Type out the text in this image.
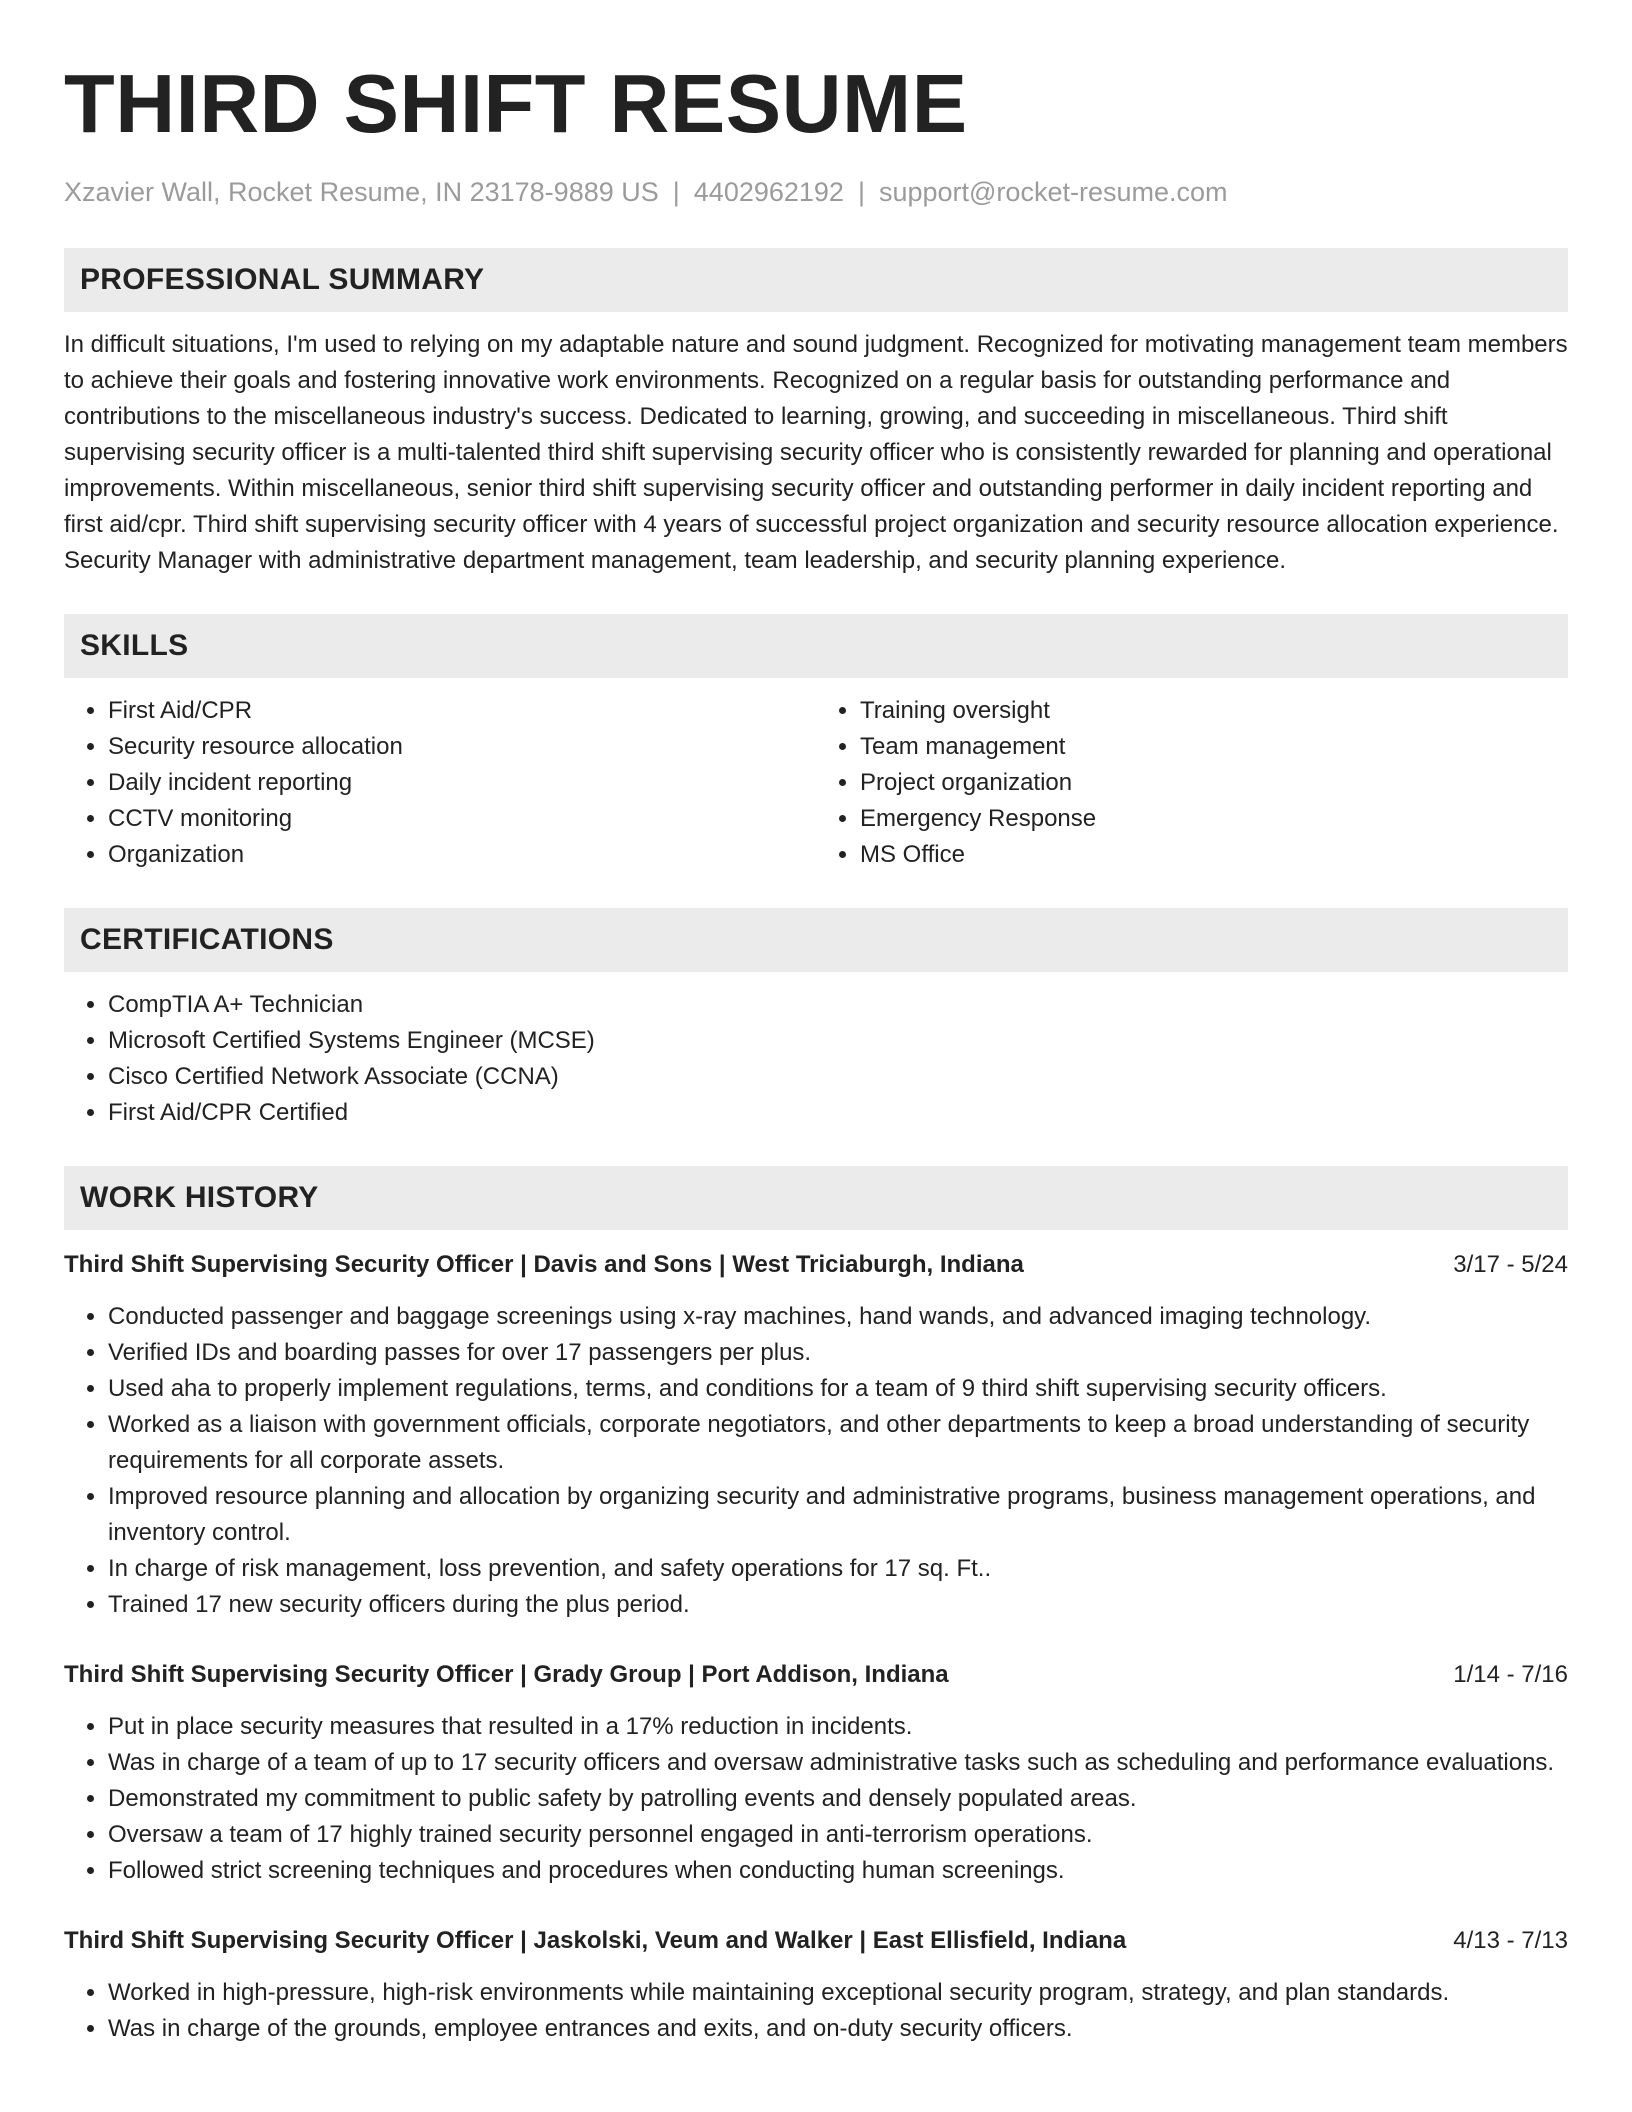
THIRD SHIFT RESUME
Xzavier Wall, Rocket Resume, IN 23178-9889 US | 4402962192 | support@rocket-resume.com
PROFESSIONAL SUMMARY

In difficult situations, I'm used to relying on my adaptable nature and sound judgment. Recognized for motivating management team members to achieve their goals and fostering innovative work environments. Recognized on a regular basis for outstanding performance and contributions to the miscellaneous industry's success. Dedicated to learning, growing, and succeeding in miscellaneous. Third shift supervising security officer is a multi-talented third shift supervising security officer who is consistently rewarded for planning and operational improvements. Within miscellaneous, senior third shift supervising security officer and outstanding performer in daily incident reporting and first aid/cpr. Third shift supervising security officer with 4 years of successful project organization and security resource allocation experience. Security Manager with administrative department management, team leadership, and security planning experience.

SKILLS
• First Aid/CPR
• Security resource allocation
• Daily incident reporting
• CCTV monitoring
• Organization
• Training oversight
• Team management
• Project organization
• Emergency Response
• MS Office
CERTIFICATIONS
• CompTIA A+ Technician
• Microsoft Certified Systems Engineer (MCSE)
• Cisco Certified Network Associate (CCNA)
• First Aid/CPR Certified
WORK HISTORY
Third Shift Supervising Security Officer | Davis and Sons | West Triciaburgh, Indiana	3/17 - 5/24
• Conducted passenger and baggage screenings using x-ray machines, hand wands, and advanced imaging technology.
• Verified IDs and boarding passes for over 17 passengers per plus.
• Used aha to properly implement regulations, terms, and conditions for a team of 9 third shift supervising security officers.
• Worked as a liaison with government officials, corporate negotiators, and other departments to keep a broad understanding of security requirements for all corporate assets.
• Improved resource planning and allocation by organizing security and administrative programs, business management operations, and inventory control.
• In charge of risk management, loss prevention, and safety operations for 17 sq. Ft..
• Trained 17 new security officers during the plus period.
Third Shift Supervising Security Officer | Grady Group | Port Addison, Indiana	1/14 - 7/16
• Put in place security measures that resulted in a 17% reduction in incidents.
• Was in charge of a team of up to 17 security officers and oversaw administrative tasks such as scheduling and performance evaluations.
• Demonstrated my commitment to public safety by patrolling events and densely populated areas.
• Oversaw a team of 17 highly trained security personnel engaged in anti-terrorism operations.
• Followed strict screening techniques and procedures when conducting human screenings.
Third Shift Supervising Security Officer | Jaskolski, Veum and Walker | East Ellisfield, Indiana	4/13 - 7/13
• Worked in high-pressure, high-risk environments while maintaining exceptional security program, strategy, and plan standards.
• Was in charge of the grounds, employee entrances and exits, and on-duty security officers.
